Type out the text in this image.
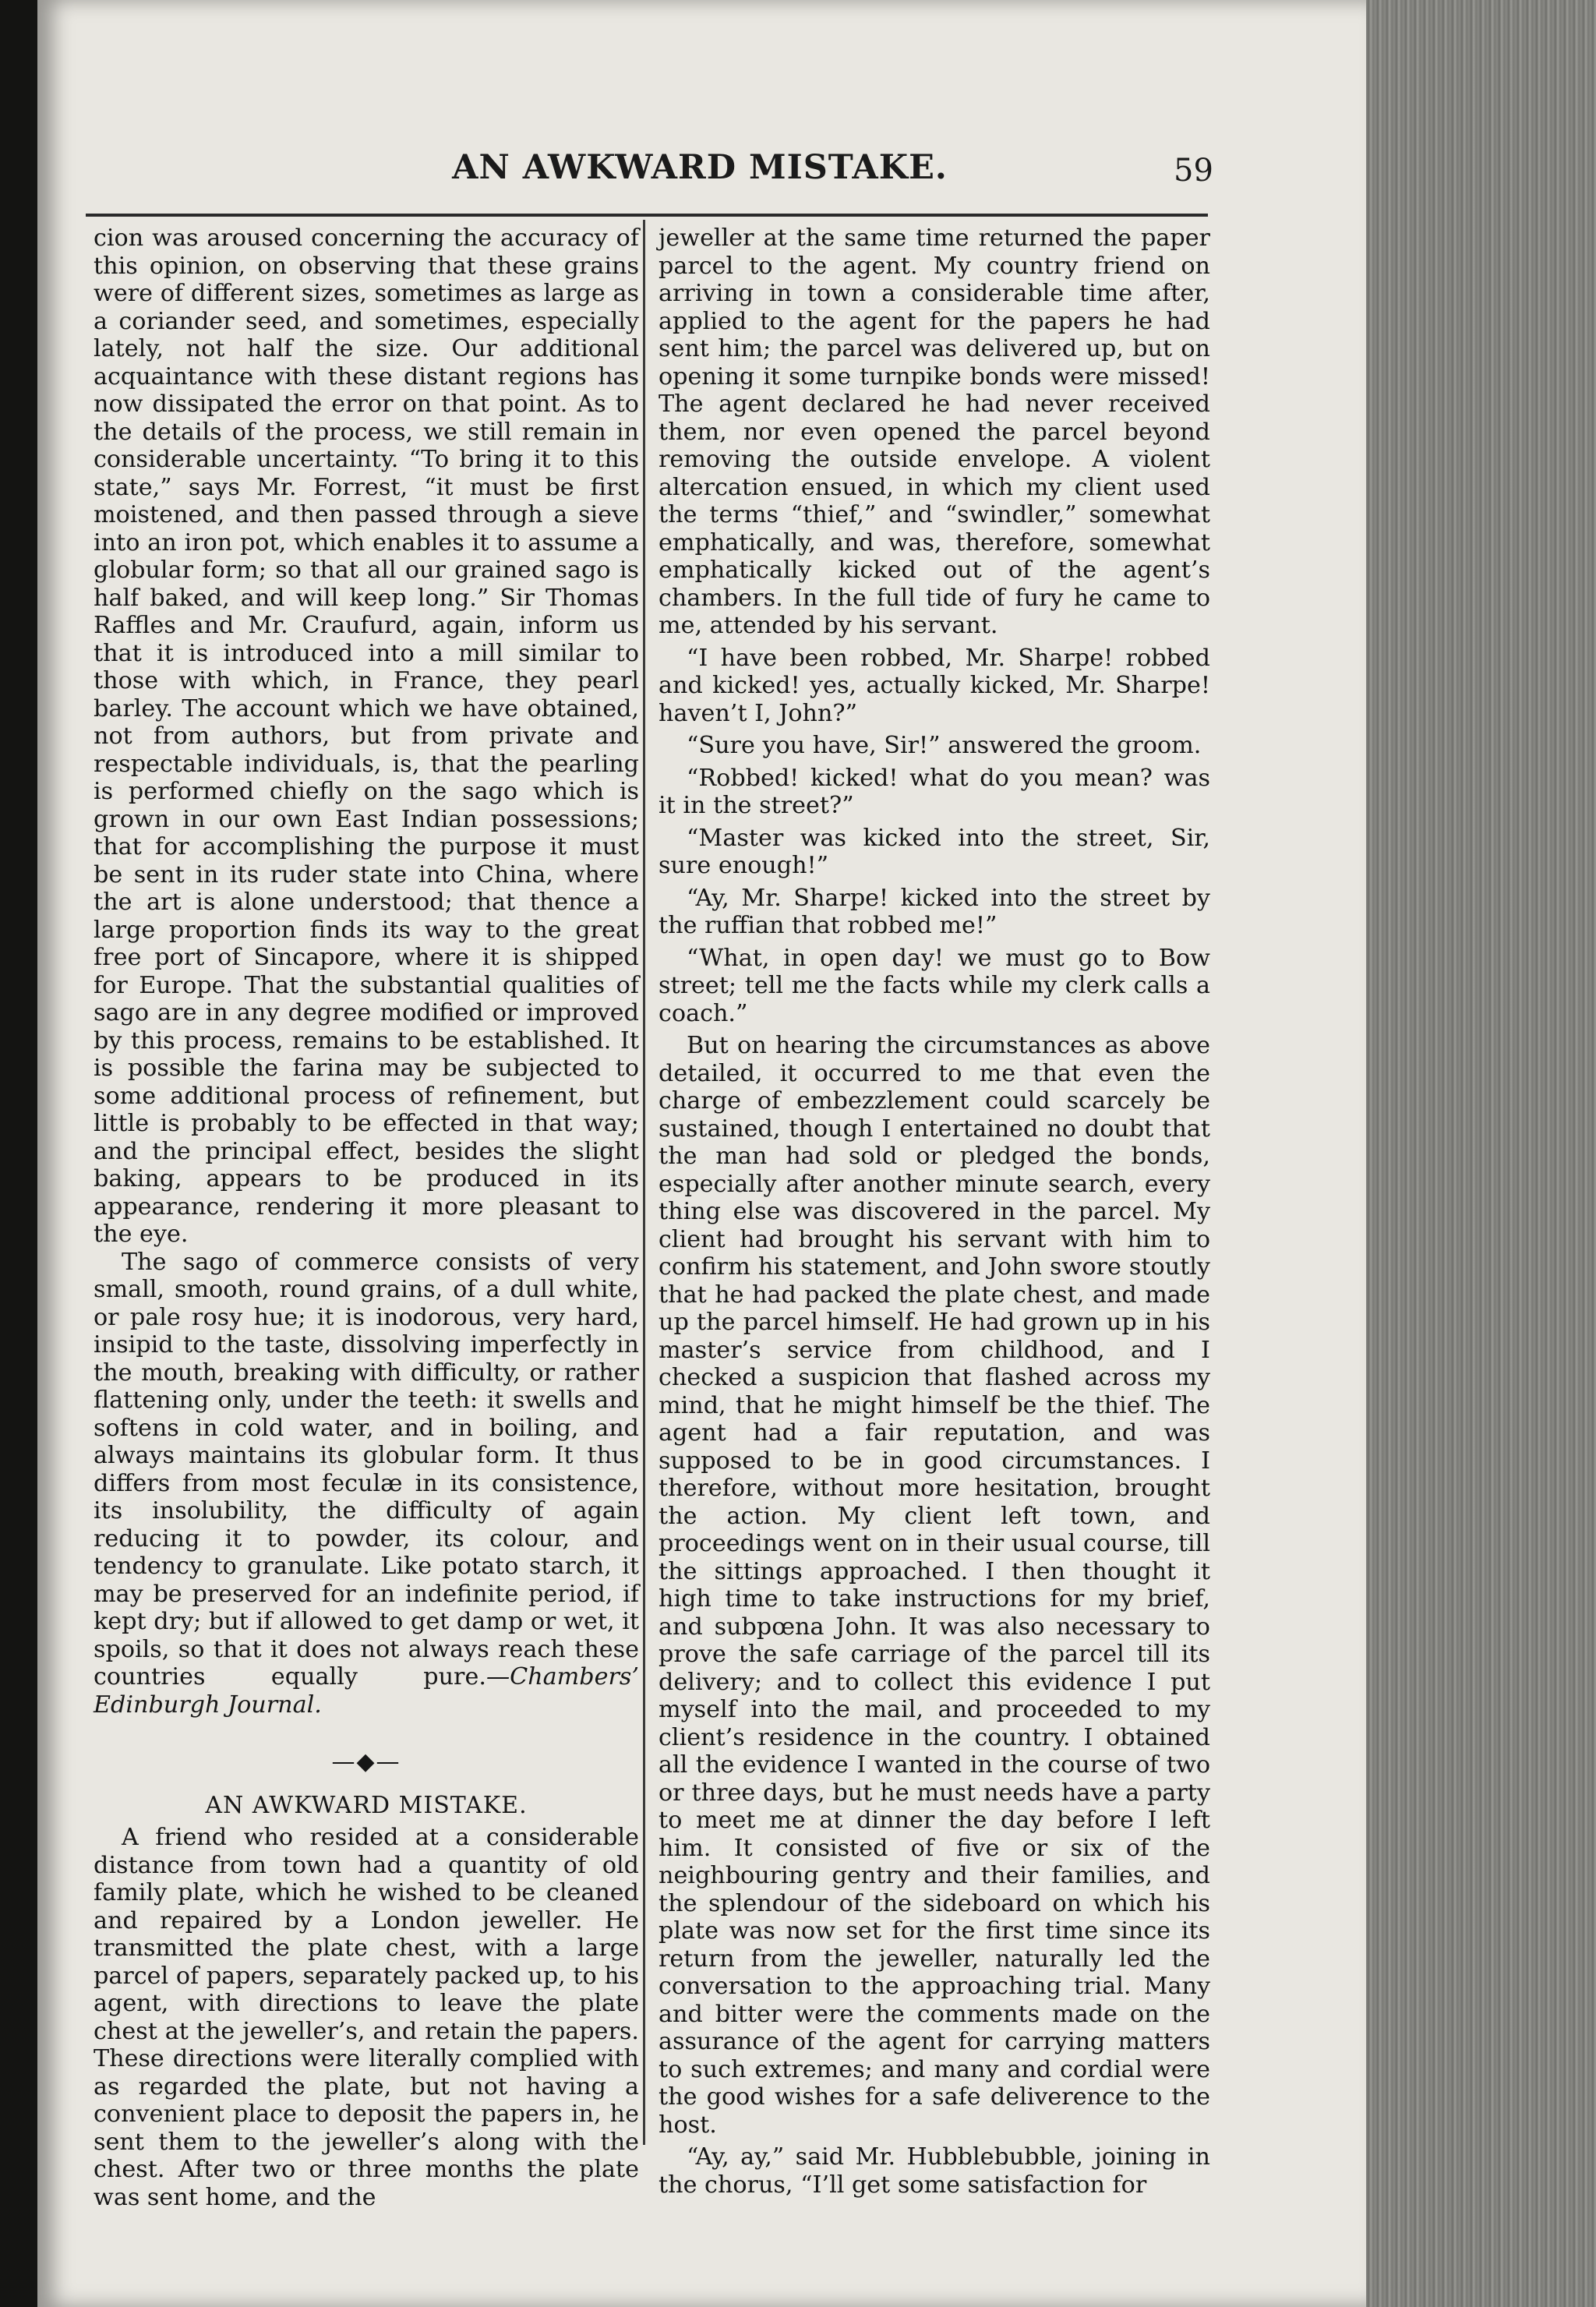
AN AWKWARD MISTAKE.	59

cion was aroused concerning the accuracy of this opinion, on observing that these grains were of different sizes, sometimes as large as a coriander seed, and sometimes, especially lately, not half the size. Our additional acquaintance with these distant regions has now dissipated the error on that point. As to the details of the process, we still remain in considerable uncertainty. “To bring it to this state,” says Mr. Forrest, “it must be first moistened, and then passed through a sieve into an iron pot, which enables it to assume a globular form; so that all our grained sago is half baked, and will keep long.” Sir Thomas Raffles and Mr. Craufurd, again, inform us that it is introduced into a mill similar to those with which, in France, they pearl barley. The account which we have obtained, not from authors, but from private and respectable individuals, is, that the pearling is performed chiefly on the sago which is grown in our own East Indian possessions; that for accomplishing the purpose it must be sent in its ruder state into China, where the art is alone understood; that thence a large proportion finds its way to the great free port of Sincapore, where it is shipped for Europe. That the substantial qualities of sago are in any degree modified or improved by this process, remains to be established. It is possible the farina may be subjected to some additional process of refinement, but little is probably to be effected in that way; and the principal effect, besides the slight baking, appears to be produced in its appearance, rendering it more pleasant to the eye.

The sago of commerce consists of very small, smooth, round grains, of a dull white, or pale rosy hue; it is inodorous, very hard, insipid to the taste, dissolving imperfectly in the mouth, breaking with difficulty, or rather flattening only, under the teeth: it swells and softens in cold water, and in boiling, and always maintains its globular form. It thus differs from most feculæ in its consistence, its insolubility, the difficulty of again reducing it to powder, its colour, and tendency to granulate. Like potato starch, it may be preserved for an indefinite period, if kept dry; but if allowed to get damp or wet, it spoils, so that it does not always reach these countries equally pure.—Chambers’ Edinburgh Journal.

—◆—
AN AWKWARD MISTAKE.

A friend who resided at a considerable distance from town had a quantity of old family plate, which he wished to be cleaned and repaired by a London jeweller. He transmitted the plate chest, with a large parcel of papers, separately packed up, to his agent, with directions to leave the plate chest at the jeweller’s, and retain the papers. These directions were literally complied with as regarded the plate, but not having a convenient place to deposit the papers in, he sent them to the jeweller’s along with the chest. After two or three months the plate was sent home, and the

jeweller at the same time returned the paper parcel to the agent. My country friend on arriving in town a considerable time after, applied to the agent for the papers he had sent him; the parcel was delivered up, but on opening it some turnpike bonds were missed! The agent declared he had never received them, nor even opened the parcel beyond removing the outside envelope. A violent altercation ensued, in which my client used the terms “thief,” and “swindler,” somewhat emphatically, and was, therefore, somewhat emphatically kicked out of the agent’s chambers. In the full tide of fury he came to me, attended by his servant.

“I have been robbed, Mr. Sharpe! robbed and kicked! yes, actually kicked, Mr. Sharpe! haven’t I, John?”

“Sure you have, Sir!” answered the groom.

“Robbed! kicked! what do you mean? was it in the street?”

“Master was kicked into the street, Sir, sure enough!”

“Ay, Mr. Sharpe! kicked into the street by the ruffian that robbed me!”

“What, in open day! we must go to Bow street; tell me the facts while my clerk calls a coach.”

But on hearing the circumstances as above detailed, it occurred to me that even the charge of embezzlement could scarcely be sustained, though I entertained no doubt that the man had sold or pledged the bonds, especially after another minute search, every thing else was discovered in the parcel. My client had brought his servant with him to confirm his statement, and John swore stoutly that he had packed the plate chest, and made up the parcel himself. He had grown up in his master’s service from childhood, and I checked a suspicion that flashed across my mind, that he might himself be the thief. The agent had a fair reputation, and was supposed to be in good circumstances. I therefore, without more hesitation, brought the action. My client left town, and proceedings went on in their usual course, till the sittings approached. I then thought it high time to take instructions for my brief, and subpœna John. It was also necessary to prove the safe carriage of the parcel till its delivery; and to collect this evidence I put myself into the mail, and proceeded to my client’s residence in the country. I obtained all the evidence I wanted in the course of two or three days, but he must needs have a party to meet me at dinner the day before I left him. It consisted of five or six of the neighbouring gentry and their families, and the splendour of the sideboard on which his plate was now set for the first time since its return from the jeweller, naturally led the conversation to the approaching trial. Many and bitter were the comments made on the assurance of the agent for carrying matters to such extremes; and many and cordial were the good wishes for a safe deliverence to the host.

“Ay, ay,” said Mr. Hubblebubble, joining in the chorus, “I’ll get some satisfaction for
